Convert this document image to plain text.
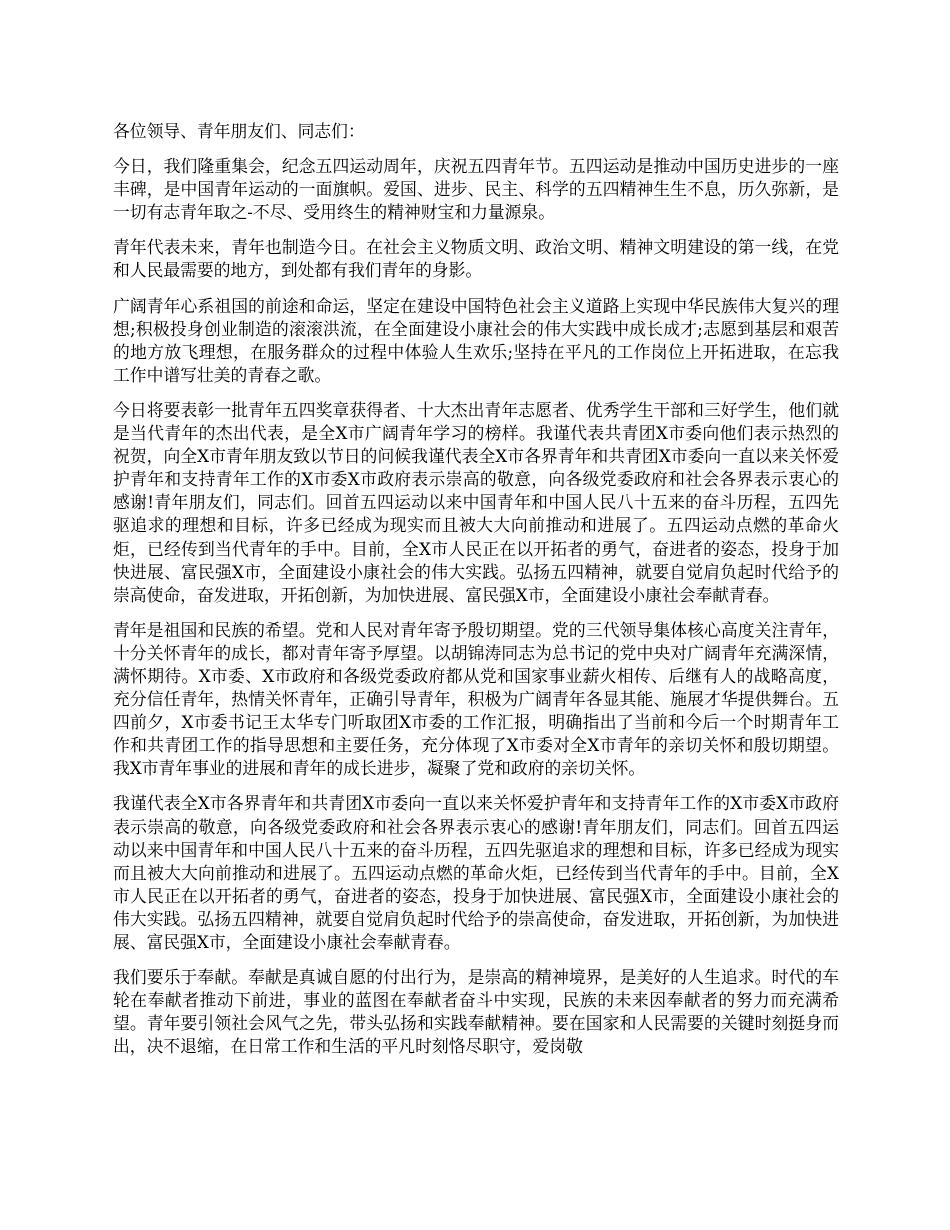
各位领导、青年朋友们、同志们：

今日，我们隆重集会，纪念五四运动周年，庆祝五四青年节。五四运动是推动中国历史进步的一座丰碑，是中国青年运动的一面旗帜。爱国、进步、民主、科学的五四精神生生不息，历久弥新，是一切有志青年取之-不尽、受用终生的精神财宝和力量源泉。

青年代表未来，青年也制造今日。在社会主义物质文明、政治文明、精神文明建设的第一线，在党和人民最需要的地方，到处都有我们青年的身影。

广阔青年心系祖国的前途和命运，坚定在建设中国特色社会主义道路上实现中华民族伟大复兴的理想;积极投身创业制造的滚滚洪流，在全面建设小康社会的伟大实践中成长成才;志愿到基层和艰苦的地方放飞理想，在服务群众的过程中体验人生欢乐;坚持在平凡的工作岗位上开拓进取，在忘我工作中谱写壮美的青春之歌。

今日将要表彰一批青年五四奖章获得者、十大杰出青年志愿者、优秀学生干部和三好学生，他们就是当代青年的杰出代表，是全X市广阔青年学习的榜样。我谨代表共青团X市委向他们表示热烈的祝贺，向全X市青年朋友致以节日的问候我谨代表全X市各界青年和共青团X市委向一直以来关怀爱护青年和支持青年工作的X市委X市政府表示崇高的敬意，向各级党委政府和社会各界表示衷心的感谢!青年朋友们，同志们。回首五四运动以来中国青年和中国人民八十五来的奋斗历程，五四先驱追求的理想和目标，许多已经成为现实而且被大大向前推动和进展了。五四运动点燃的革命火炬，已经传到当代青年的手中。目前，全X市人民正在以开拓者的勇气，奋进者的姿态，投身于加快进展、富民强X市，全面建设小康社会的伟大实践。弘扬五四精神，就要自觉肩负起时代给予的崇高使命，奋发进取，开拓创新，为加快进展、富民强X市，全面建设小康社会奉献青春。

青年是祖国和民族的希望。党和人民对青年寄予殷切期望。党的三代领导集体核心高度关注青年，十分关怀青年的成长，都对青年寄予厚望。以胡锦涛同志为总书记的党中央对广阔青年充满深情，满怀期待。X市委、X市政府和各级党委政府都从党和国家事业薪火相传、后继有人的战略高度，充分信任青年，热情关怀青年，正确引导青年，积极为广阔青年各显其能、施展才华提供舞台。五四前夕，X市委书记王太华专门听取团X市委的工作汇报，明确指出了当前和今后一个时期青年工作和共青团工作的指导思想和主要任务，充分体现了X市委对全X市青年的亲切关怀和殷切期望。我X市青年事业的进展和青年的成长进步，凝聚了党和政府的亲切关怀。

我谨代表全X市各界青年和共青团X市委向一直以来关怀爱护青年和支持青年工作的X市委X市政府表示崇高的敬意，向各级党委政府和社会各界表示衷心的感谢!青年朋友们，同志们。回首五四运动以来中国青年和中国人民八十五来的奋斗历程，五四先驱追求的理想和目标，许多已经成为现实而且被大大向前推动和进展了。五四运动点燃的革命火炬，已经传到当代青年的手中。目前，全X市人民正在以开拓者的勇气，奋进者的姿态，投身于加快进展、富民强X市，全面建设小康社会的伟大实践。弘扬五四精神，就要自觉肩负起时代给予的崇高使命，奋发进取，开拓创新，为加快进展、富民强X市，全面建设小康社会奉献青春。

我们要乐于奉献。奉献是真诚自愿的付出行为，是崇高的精神境界，是美好的人生追求。时代的车轮在奉献者推动下前进，事业的蓝图在奉献者奋斗中实现，民族的未来因奉献者的努力而充满希望。青年要引领社会风气之先，带头弘扬和实践奉献精神。要在国家和人民需要的关键时刻挺身而出，决不退缩，在日常工作和生活的平凡时刻恪尽职守，爱岗敬
